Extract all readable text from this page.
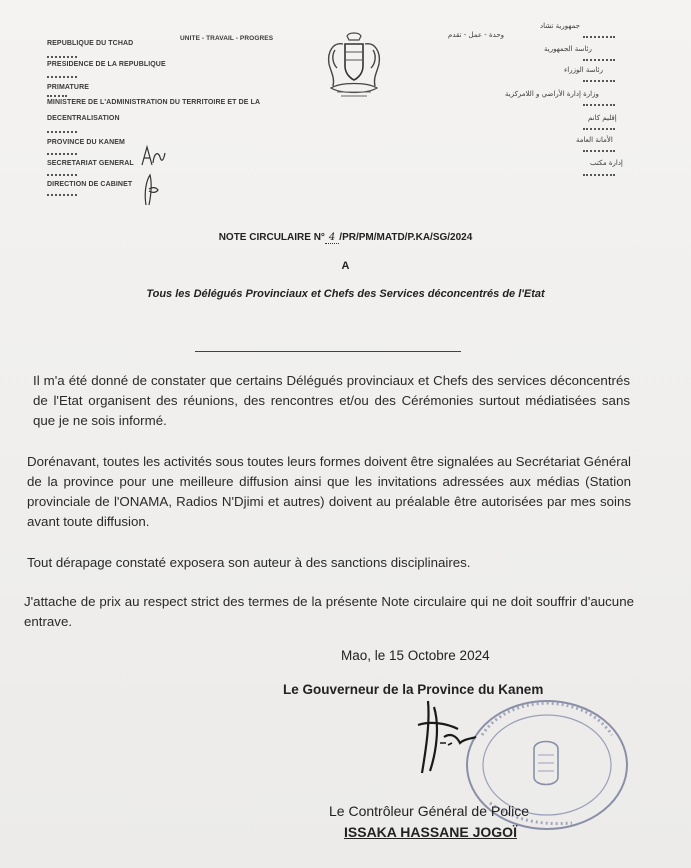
REPUBLIQUE DU TCHAD
UNITE - TRAVAIL - PROGRES
PRESIDENCE DE LA REPUBLIQUE
PRIMATURE
MINISTERE DE L'ADMINISTRATION DU TERRITOIRE ET DE LA
DECENTRALISATION
PROVINCE DU KANEM
SECRETARIAT GENERAL
DIRECTION DE CABINET
وحدة - عمل - تقدم
جمهورية تشاد
رئاسة الجمهورية
رئاسة الوزراء
وزارة إدارة الأراضي و اللامركزية
إقليم كانم
الأمانة العامة
إدارة مكتب
NOTE CIRCULAIRE N° 4 /PR/PM/MATD/P.KA/SG/2024
A
Tous les Délégués Provinciaux et Chefs des Services déconcentrés de l'Etat
Il m'a été donné de constater que certains Délégués provinciaux et Chefs des services déconcentrés de l'Etat organisent des réunions, des rencontres et/ou des Cérémonies surtout médiatisées sans que je ne sois informé.
Dorénavant, toutes les activités sous toutes leurs formes doivent être signalées au Secrétariat Général de la province pour une meilleure diffusion ainsi que les invitations adressées aux médias (Station provinciale de l'ONAMA, Radios N'Djimi et autres) doivent au préalable être autorisées par mes soins avant toute diffusion.
Tout dérapage constaté exposera son auteur à des sanctions disciplinaires.
J'attache de prix au respect strict des termes de la présente Note circulaire qui ne doit souffrir d'aucune entrave.
Mao, le 15 Octobre 2024
Le Gouverneur de la Province du Kanem
Le Contrôleur Général de Police
ISSAKA HASSANE JOGOÏ
